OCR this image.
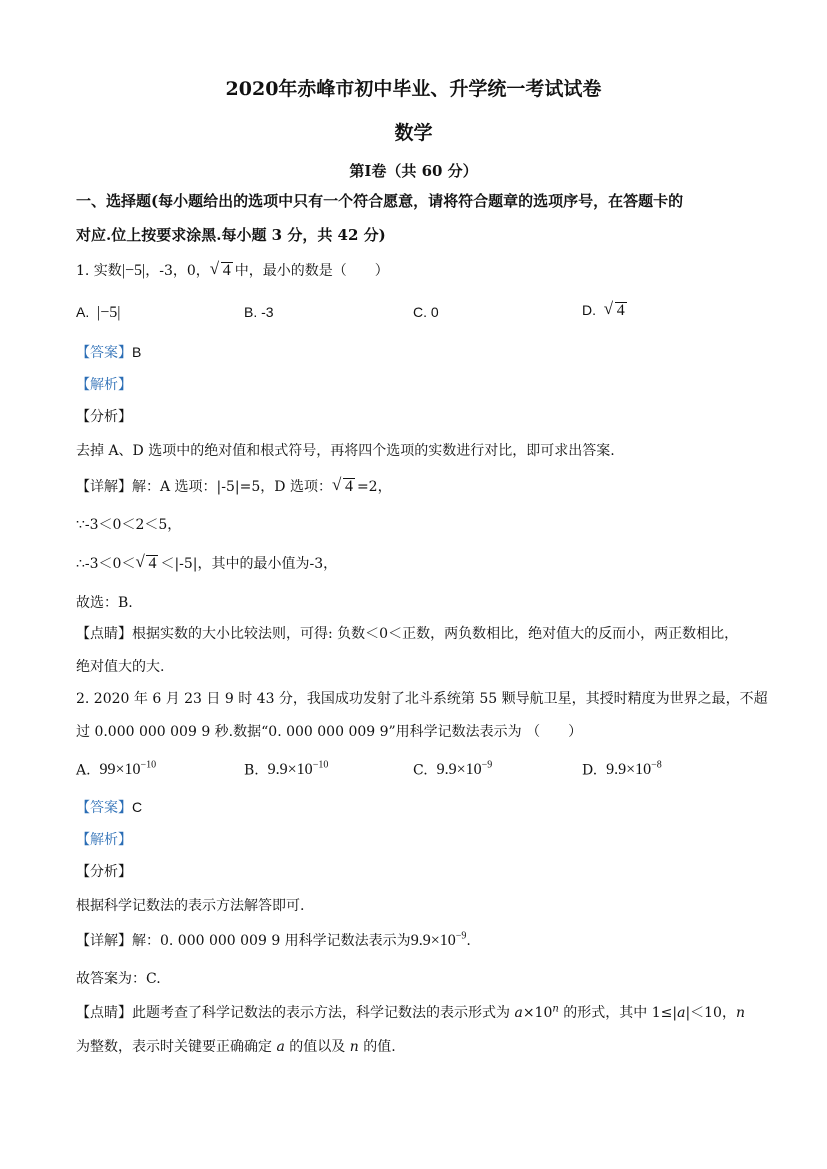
2020年赤峰市初中毕业、升学统一考试试卷
数学
第Ⅰ卷（共 60 分）
一、选择题(每小题给出的选项中只有一个符合愿意，请将符合题章的选项序号，在答题卡的
对应.位上按要求涂黑.每小题 3 分，共 42 分)
1. 实数|−5|，-3，0， √ 4 中，最小的数是（　　）
A. |−5|	B. -3	C. 0	D. √ 4
【答案】B
【解析】
【分析】
去掉 A、D 选项中的绝对值和根式符号，再将四个选项的实数进行对比，即可求出答案.
【详解】解：A 选项：|-5|=5，D 选项： √ 4 =2，
∵-3＜0＜2＜5，
∴-3＜0＜ √ 4 ＜|-5|，其中的最小值为-3，
故选：B.
【点睛】根据实数的大小比较法则，可得: 负数＜0＜正数，两负数相比，绝对值大的反而小，两正数相比，
绝对值大的大.
2. 2020 年 6 月 23 日 9 时 43 分，我国成功发射了北斗系统第 55 颗导航卫星，其授时精度为世界之最，不超
过 0.000 000 009 9 秒.数据“0. 000 000 009 9”用科学记数法表示为 （　　）
A. $99\times 10^{-10}$	B. $9.9\times 10^{-10}$	C. $9.9\times 10^{-9}$	D. $9.9\times 10^{-8}$
【答案】C
【解析】
【分析】
根据科学记数法的表示方法解答即可.
【详解】解：0. 000 000 009 9 用科学记数法表示为$9.9\times 10^{-9}$.
故答案为：C.
【点睛】此题考查了科学记数法的表示方法，科学记数法的表示形式为 $a\times 10^n$ 的形式，其中 1≤|a|＜10，n
为整数，表示时关键要正确确定 a 的值以及 n 的值.
